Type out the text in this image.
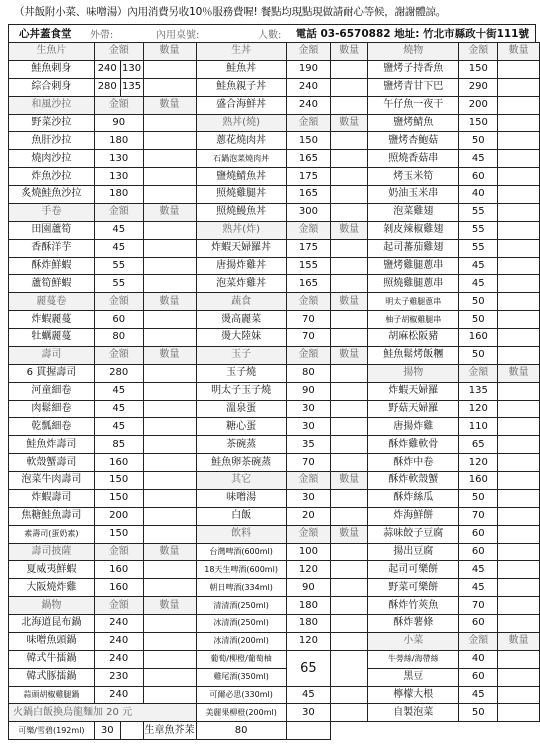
（丼飯附小菜、味噌湯）內用消費另收10％服務費喔! 餐點均現點現做請耐心等候，謝謝體諒。
心丼蓋食堂	外帶:	內用桌號:	人數:	電話 03-6570882 地址: 竹北市縣政十街111號
生魚片	金額		數量	生丼	金額	數量	燒物	金額	數量
鮭魚刺身	240	130		鮭魚丼	190		鹽烤子持香魚	150	
綜合刺身	280	135		鮭魚親子丼	240		鹽烤青甘下巴	290	
和風沙拉	金額		數量	盛合海鮮丼	240		午仔魚一夜干	200	
野菜沙拉	90			熟丼(燒)	金額	數量	鹽烤鯖魚	150	
魚肝沙拉	180			蔥花燒肉丼	150		鹽烤杏鮑菇	50	
燒肉沙拉	130			石鍋泡菜燒肉丼	165		照燒香菇串	45	
炸魚沙拉	130			鹽燒鯖魚丼	175		烤玉米筍	60	
炙燒鮭魚沙拉	180			照燒雞腿丼	165		奶油玉米串	40	
手卷	金額		數量	照燒鰻魚丼	300		泡菜雞翅	55	
田園蘆筍	45			熟丼(炸)	金額	數量	剝皮辣椒雞翅	55	
香酥洋芋	45			炸蝦天婦羅丼	175		起司蕃茄雞翅	55	
酥炸鮮蝦	55			唐揚炸雞丼	155		鹽烤雞腿蔥串	45	
蘆筍鮮蝦	55			泡菜炸雞丼	165		照燒雞腿蔥串	45	
麗蔓卷	金額		數量	蔬食	金額	數量	明太子雞腿蔥串	50	
炸蝦麗蔓	60			燙高麗菜	70		柚子胡椒雞腿串	50	
牡蠣麗蔓	80			燙大陸妹	70		胡麻松阪豬	160	
壽司	金額		數量	玉子	金額	數量	鮭魚鬆烤飯糰	50	
6 貫握壽司	280			玉子燒	80		揚物	金額	數量
河童細卷	45			明太子玉子燒	90		炸蝦天婦羅	135	
肉鬆細卷	45			溫泉蛋	30		野菇天婦羅	120	
乾瓢細卷	45			糖心蛋	30		唐揚炸雞	110	
鮭魚炸壽司	85			茶碗蒸	35		酥炸雞軟骨	65	
軟殼蟹壽司	160			鮭魚卵茶碗蒸	70		酥炸中卷	120	
泡菜牛肉壽司	150			其它	金額	數量	酥炸軟殼蟹	160	
炸蝦壽司	150			味噌湯	30		酥炸絲瓜	50	
焦糖鮭魚壽司	200			白飯	20		炸海鮮餅	70	
素壽司(蛋奶素)	150			飲料	金額	數量	蒜味餃子豆腐	60	
壽司披薩	金額		數量	台灣啤酒(600ml)	100		揚出豆腐	60	
夏威夷鮮蝦	160			18天生啤酒(600ml)	120		起司可樂餅	45	
大阪燒炸雞	160			朝日啤酒(334ml)	90		野菜可樂餅	45	
鍋物	金額		數量	清清酒(250ml)	180		酥炸竹莢魚	70	
北海道昆布鍋	240			冰清酒(250ml)	180		酥炸薯條	60	
味噌魚頭鍋	240			冰清酒(200ml)	120		小菜	金額	數量
韓式牛擂鍋	240			葡萄/柳橙/葡萄柚	65		牛蒡絲/海帶絲	40	
韓式豚擂鍋	230			雞尾酒(350ml)			黑豆	60	
蒜頭胡椒雞腿鍋	240			可爾必思(330ml)	45		檸檬大根	45	
火鍋白飯換烏龍麵加 20 元				美麗果柳橙(200ml)	30		自製泡菜	50	
可樂/雪碧(192ml)	30		生章魚芥茉	80					
